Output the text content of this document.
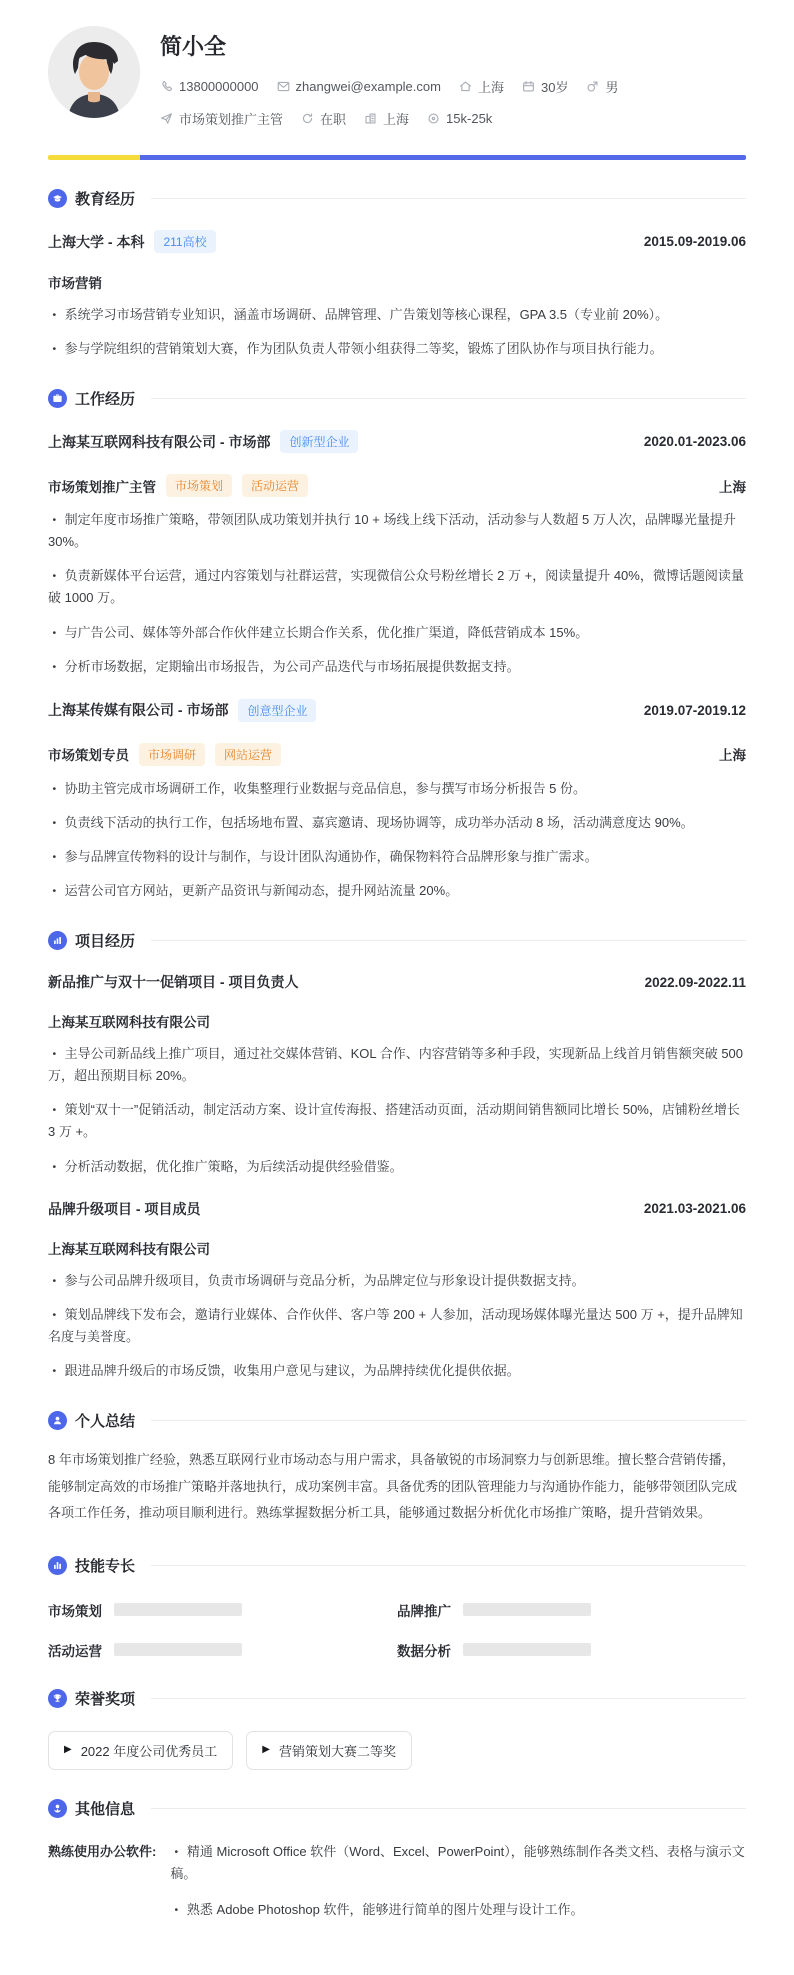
简小全
13800000000	zhangwei@example.com	上海	30岁	男
市场策划推广主管	在职	上海	15k-25k
教育经历
上海大学 - 本科	211高校	2015.09-2019.06
市场营销

• 系统学习市场营销专业知识，涵盖市场调研、品牌管理、广告策划等核心课程，GPA 3.5（专业前 20%）。

• 参与学院组织的营销策划大赛，作为团队负责人带领小组获得二等奖，锻炼了团队协作与项目执行能力。

工作经历
上海某互联网科技有限公司 - 市场部	创新型企业	2020.01-2023.06
市场策划推广主管	市场策划	活动运营	上海

• 制定年度市场推广策略，带领团队成功策划并执行 10 + 场线上线下活动，活动参与人数超 5 万人次，品牌曝光量提升 30%。

• 负责新媒体平台运营，通过内容策划与社群运营，实现微信公众号粉丝增长 2 万 +，阅读量提升 40%，微博话题阅读量破 1000 万。

• 与广告公司、媒体等外部合作伙伴建立长期合作关系，优化推广渠道，降低营销成本 15%。

• 分析市场数据，定期输出市场报告，为公司产品迭代与市场拓展提供数据支持。

上海某传媒有限公司 - 市场部	创意型企业	2019.07-2019.12
市场策划专员	市场调研	网站运营	上海

• 协助主管完成市场调研工作，收集整理行业数据与竞品信息，参与撰写市场分析报告 5 份。

• 负责线下活动的执行工作，包括场地布置、嘉宾邀请、现场协调等，成功举办活动 8 场，活动满意度达 90%。

• 参与品牌宣传物料的设计与制作，与设计团队沟通协作，确保物料符合品牌形象与推广需求。

• 运营公司官方网站，更新产品资讯与新闻动态，提升网站流量 20%。

项目经历
新品推广与双十一促销项目 - 项目负责人	2022.09-2022.11
上海某互联网科技有限公司

• 主导公司新品线上推广项目，通过社交媒体营销、KOL 合作、内容营销等多种手段，实现新品上线首月销售额突破 500 万，超出预期目标 20%。

• 策划“双十一”促销活动，制定活动方案、设计宣传海报、搭建活动页面，活动期间销售额同比增长 50%，店铺粉丝增长 3 万 +。

• 分析活动数据，优化推广策略，为后续活动提供经验借鉴。

品牌升级项目 - 项目成员	2021.03-2021.06
上海某互联网科技有限公司

• 参与公司品牌升级项目，负责市场调研与竞品分析，为品牌定位与形象设计提供数据支持。

• 策划品牌线下发布会，邀请行业媒体、合作伙伴、客户等 200 + 人参加，活动现场媒体曝光量达 500 万 +，提升品牌知名度与美誉度。

• 跟进品牌升级后的市场反馈，收集用户意见与建议，为品牌持续优化提供依据。

个人总结

8 年市场策划推广经验，熟悉互联网行业市场动态与用户需求，具备敏锐的市场洞察力与创新思维。擅长整合营销传播，能够制定高效的市场推广策略并落地执行，成功案例丰富。具备优秀的团队管理能力与沟通协作能力，能够带领团队完成各项工作任务，推动项目顺利进行。熟练掌握数据分析工具，能够通过数据分析优化市场推广策略，提升营销效果。

技能专长
市场策划	品牌推广
活动运营	数据分析
荣誉奖项
▶ 2022 年度公司优秀员工	▶ 营销策划大赛二等奖
其他信息
熟练使用办公软件:	• 精通 Microsoft Office 软件（Word、Excel、PowerPoint），能够熟练制作各类文档、表格与演示文稿。

• 熟悉 Adobe Photoshop 软件，能够进行简单的图片处理与设计工作。
